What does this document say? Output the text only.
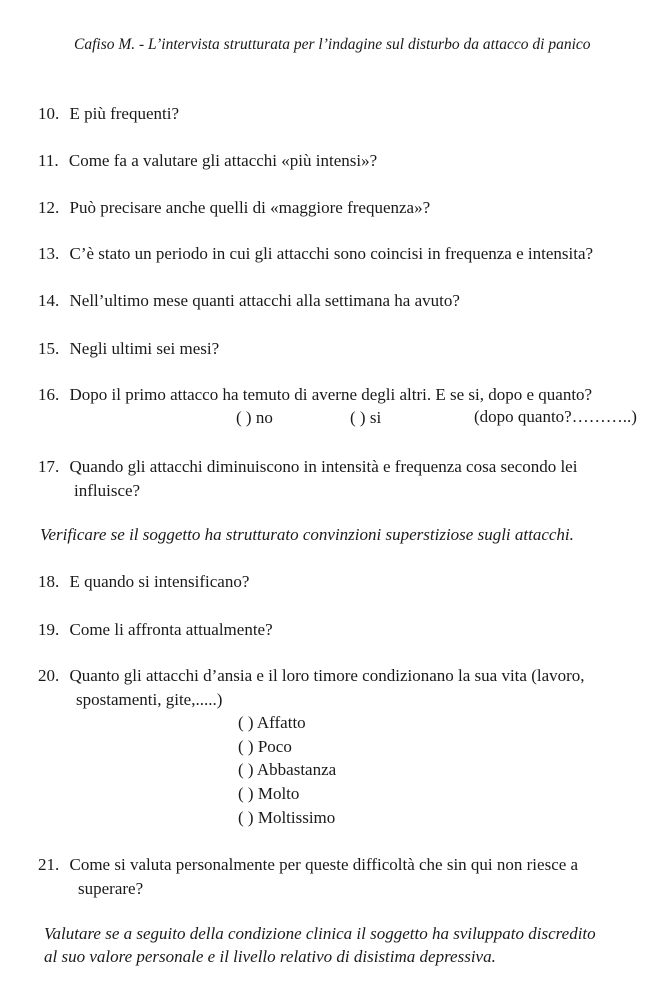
Cafiso M. - L’intervista strutturata per l’indagine sul disturbo da attacco di panico
10. E più frequenti?
11. Come fa a valutare gli attacchi «più intensi»?
12. Può precisare anche quelli di «maggiore frequenza»?
13. C’è stato un periodo in cui gli attacchi sono coincisi in frequenza e intensita?
14. Nell’ultimo mese quanti attacchi alla settimana ha avuto?
15. Negli ultimi sei mesi?
16. Dopo il primo attacco ha temuto di averne degli altri. E se si, dopo e quanto?
( ) no	( ) si	(dopo quanto?………..)
17. Quando gli attacchi diminuiscono in intensità e frequenza cosa secondo lei
influisce?
Verificare se il soggetto ha strutturato convinzioni superstiziose sugli attacchi.
18. E quando si intensificano?
19. Come li affronta attualmente?
20. Quanto gli attacchi d’ansia e il loro timore condizionano la sua vita (lavoro,
spostamenti, gite,.....)
( ) Affatto
( ) Poco
( ) Abbastanza
( ) Molto
( ) Moltissimo
21. Come si valuta personalmente per queste difficoltà che sin qui non riesce a
superare?
Valutare se a seguito della condizione clinica il soggetto ha sviluppato discredito
al suo valore personale e il livello relativo di disistima depressiva.
